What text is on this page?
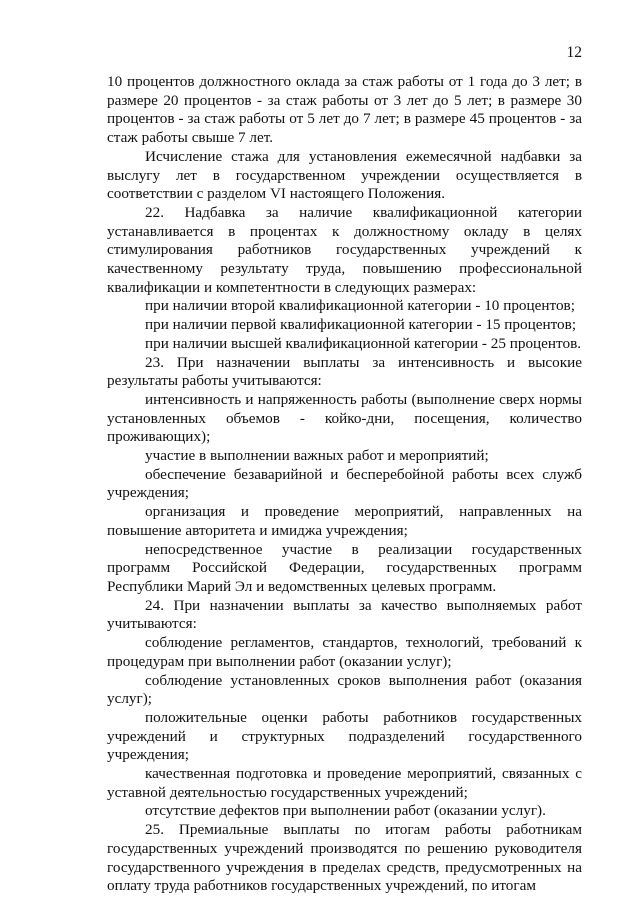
12

10 процентов должностного оклада за стаж работы от 1 года до 3 лет; в размере 20 процентов - за стаж работы от 3 лет до 5 лет; в размере 30 процентов - за стаж работы от 5 лет до 7 лет; в размере 45 процентов - за стаж работы свыше 7 лет.

Исчисление стажа для установления ежемесячной надбавки за выслугу лет в государственном учреждении осуществляется в соответствии с разделом VI настоящего Положения.

22. Надбавка за наличие квалификационной категории устанавливается в процентах к должностному окладу в целях стимулирования работников государственных учреждений к качественному результату труда, повышению профессиональной квалификации и компетентности в следующих размерах:

при наличии второй квалификационной категории - 10 процентов;

при наличии первой квалификационной категории - 15 процентов;

при наличии высшей квалификационной категории - 25 процентов.

23. При назначении выплаты за интенсивность и высокие результаты работы учитываются:

интенсивность и напряженность работы (выполнение сверх нормы установленных объемов - койко-дни, посещения, количество проживающих);

участие в выполнении важных работ и мероприятий;

обеспечение безаварийной и бесперебойной работы всех служб учреждения;

организация и проведение мероприятий, направленных на повышение авторитета и имиджа учреждения;

непосредственное участие в реализации государственных программ Российской Федерации, государственных программ Республики Марий Эл и ведомственных целевых программ.

24. При назначении выплаты за качество выполняемых работ учитываются:

соблюдение регламентов, стандартов, технологий, требований к процедурам при выполнении работ (оказании услуг);

соблюдение установленных сроков выполнения работ (оказания услуг);

положительные оценки работы работников государственных учреждений и структурных подразделений государственного учреждения;

качественная подготовка и проведение мероприятий, связанных с уставной деятельностью государственных учреждений;

отсутствие дефектов при выполнении работ (оказании услуг).

25. Премиальные выплаты по итогам работы работникам государственных учреждений производятся по решению руководителя государственного учреждения в пределах средств, предусмотренных на оплату труда работников государственных учреждений, по итогам
